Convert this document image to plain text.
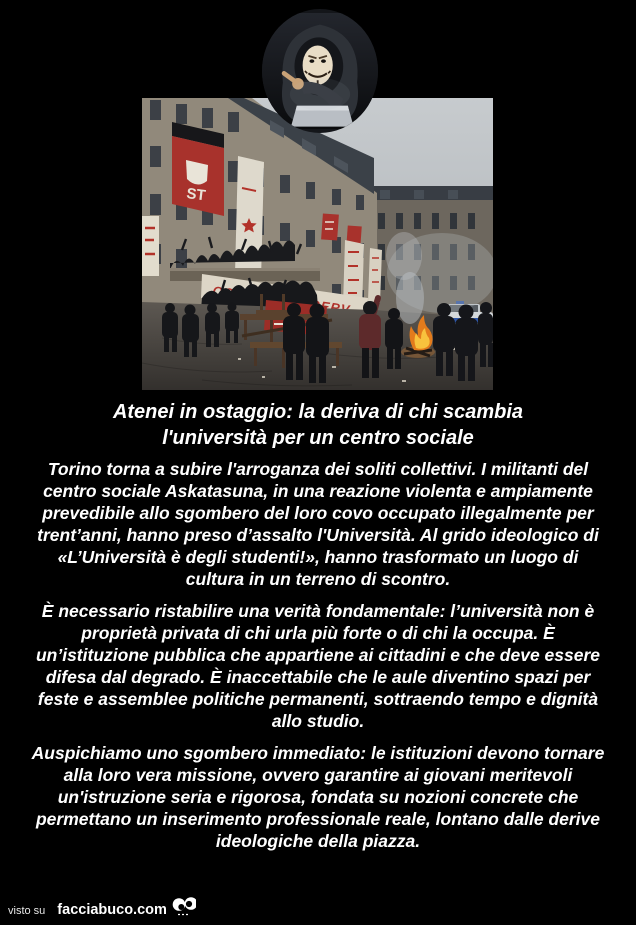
ST
Atenei in ostaggio: la deriva di chi scambia l'università per un centro sociale

Torino torna a subire l'arroganza dei soliti collettivi. I militanti del centro sociale Askatasuna, in una reazione violenta e ampiamente prevedibile allo sgombero del loro covo occupato illegalmente per trent’anni, hanno preso d’assalto l'Università. Al grido ideologico di «L’Università è degli studenti!», hanno trasformato un luogo di cultura in un terreno di scontro.

È necessario ristabilire una verità fondamentale: l’università non è proprietà privata di chi urla più forte o di chi la occupa. È un’istituzione pubblica che appartiene ai cittadini e che deve essere difesa dal degrado. È inaccettabile che le aule diventino spazi per feste e assemblee politiche permanenti, sottraendo tempo e dignità allo studio.

Auspichiamo uno sgombero immediato: le istituzioni devono tornare alla loro vera missione, ovvero garantire ai giovani meritevoli un'istruzione seria e rigorosa, fondata su nozioni concrete che permettano un inserimento professionale reale, lontano dalle derive ideologiche della piazza.

visto su facciabuco.com
